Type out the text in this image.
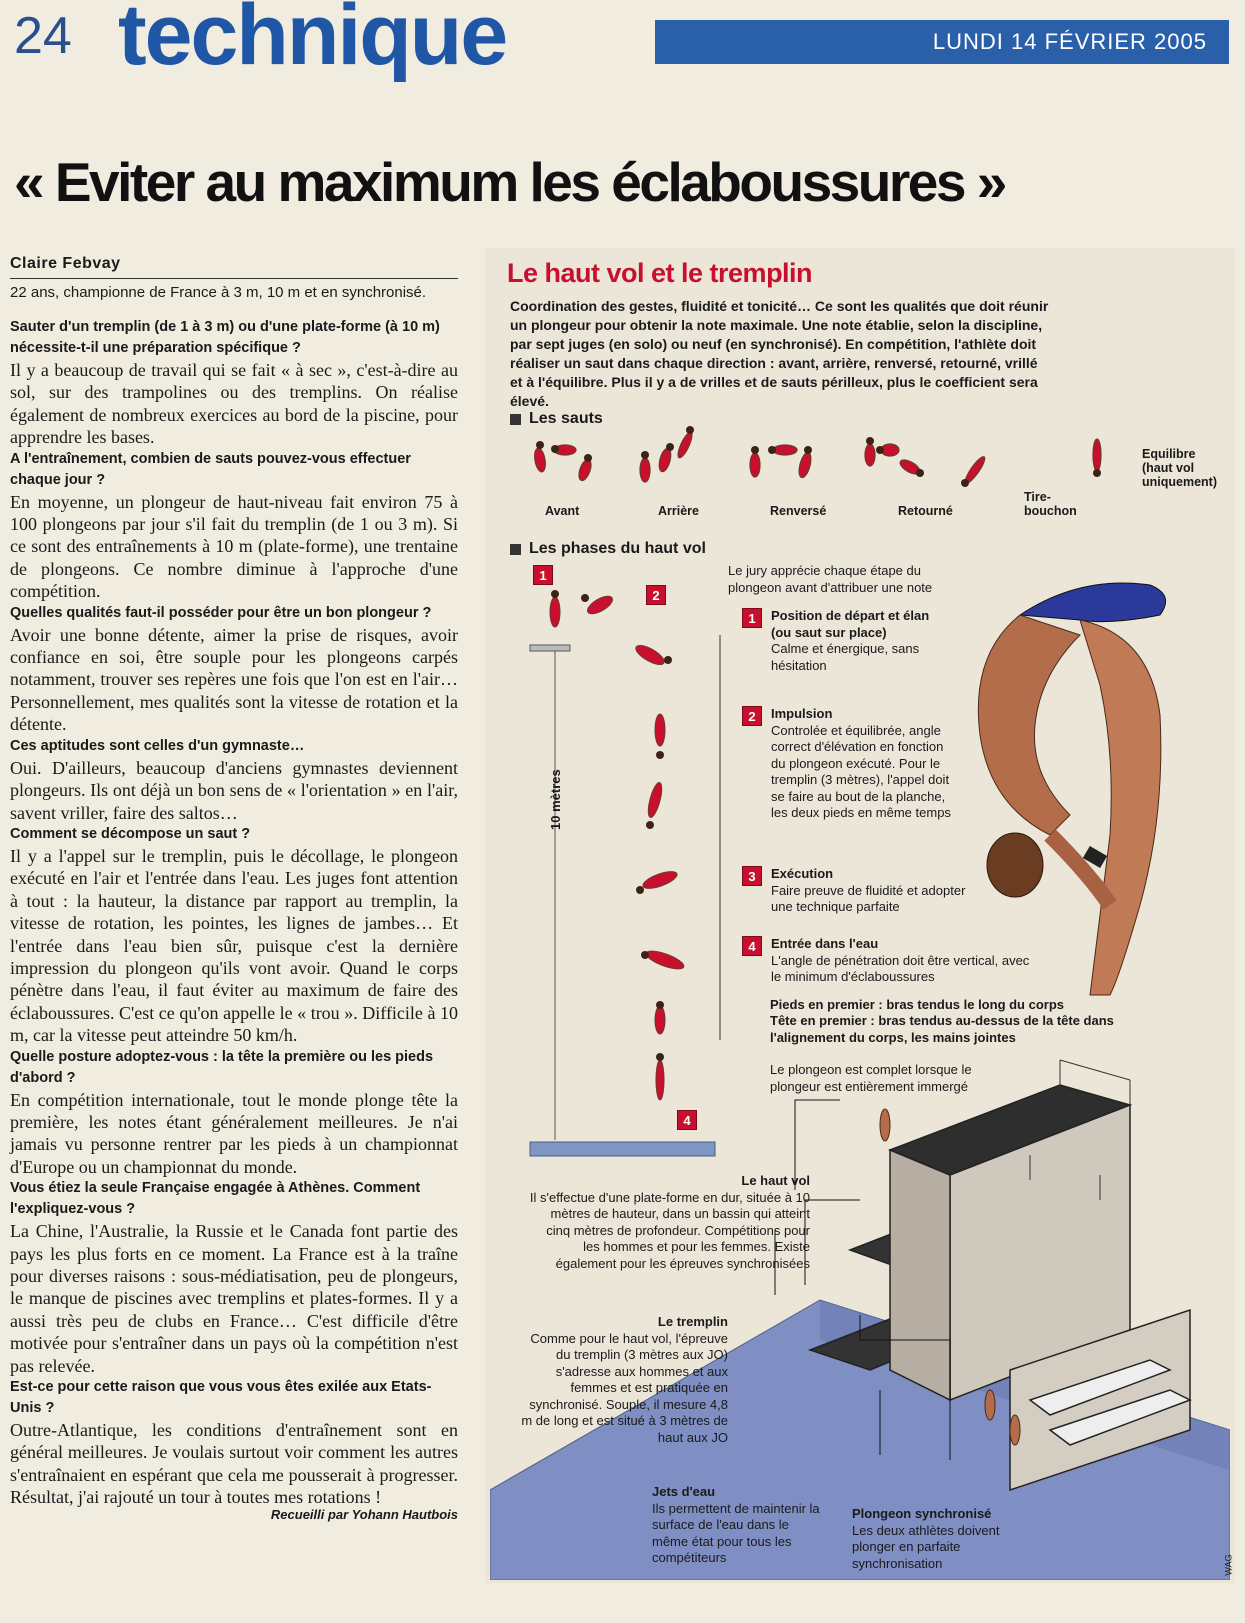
24 technique	LUNDI 14 FÉVRIER 2005
« Eviter au maximum les éclaboussures »
Claire Febvay
22 ans, championne de France à 3 m, 10 m et en synchronisé.

Sauter d'un tremplin (de 1 à 3 m) ou d'une plate-forme (à 10 m) nécessite-t-il une préparation spécifique ?

Il y a beaucoup de travail qui se fait « à sec », c'est-à-dire au sol, sur des trampolines ou des tremplins. On réalise également de nombreux exercices au bord de la piscine, pour apprendre les bases.

A l'entraînement, combien de sauts pouvez-vous effectuer chaque jour ?

En moyenne, un plongeur de haut-niveau fait environ 75 à 100 plongeons par jour s'il fait du tremplin (de 1 ou 3 m). Si ce sont des entraînements à 10 m (plate-forme), une trentaine de plongeons. Ce nombre diminue à l'approche d'une compétition.

Quelles qualités faut-il posséder pour être un bon plongeur ?

Avoir une bonne détente, aimer la prise de risques, avoir confiance en soi, être souple pour les plongeons carpés notamment, trouver ses repères une fois que l'on est en l'air… Personnellement, mes qualités sont la vitesse de rotation et la détente.

Ces aptitudes sont celles d'un gymnaste…

Oui. D'ailleurs, beaucoup d'anciens gymnastes deviennent plongeurs. Ils ont déjà un bon sens de « l'orientation » en l'air, savent vriller, faire des saltos…

Comment se décompose un saut ?

Il y a l'appel sur le tremplin, puis le décollage, le plongeon exécuté en l'air et l'entrée dans l'eau. Les juges font attention à tout : la hauteur, la distance par rapport au tremplin, la vitesse de rotation, les pointes, les lignes de jambes… Et l'entrée dans l'eau bien sûr, puisque c'est la dernière impression du plongeon qu'ils vont avoir. Quand le corps pénètre dans l'eau, il faut éviter au maximum de faire des éclaboussures. C'est ce qu'on appelle le « trou ». Difficile à 10 m, car la vitesse peut atteindre 50 km/h.

Quelle posture adoptez-vous : la tête la première ou les pieds d'abord ?

En compétition internationale, tout le monde plonge tête la première, les notes étant généralement meilleures. Je n'ai jamais vu personne rentrer par les pieds à un championnat d'Europe ou un championnat du monde.

Vous étiez la seule Française engagée à Athènes. Comment l'expliquez-vous ?

La Chine, l'Australie, la Russie et le Canada font partie des pays les plus forts en ce moment. La France est à la traîne pour diverses raisons : sous-médiatisation, peu de plongeurs, le manque de piscines avec tremplins et plates-formes. Il y a aussi très peu de clubs en France… C'est difficile d'être motivée pour s'entraîner dans un pays où la compétition n'est pas relevée.

Est-ce pour cette raison que vous vous êtes exilée aux Etats-Unis ?

Outre-Atlantique, les conditions d'entraînement sont en général meilleures. Je voulais surtout voir comment les autres s'entraînaient en espérant que cela me pousserait à progresser. Résultat, j'ai rajouté un tour à toutes mes rotations !

Recueilli par Yohann Hautbois
Le haut vol et le tremplin
Coordination des gestes, fluidité et tonicité… Ce sont les qualités que doit réunir un plongeur pour obtenir la note maximale. Une note établie, selon la discipline, par sept juges (en solo) ou neuf (en synchronisé). En compétition, l'athlète doit réaliser un saut dans chaque direction : avant, arrière, renversé, retourné, vrillé et à l'équilibre. Plus il y a de vrilles et de sauts périlleux, plus le coefficient sera élevé.
Les sauts
Avant	Arrière	Renversé	Retourné
Tire-bouchon
Equilibre (haut vol uniquement)
Les phases du haut vol
1
2
4
10 mètres
Le jury apprécie chaque étape du plongeon avant d'attribuer une note
1	Position de départ et élan (ou saut sur place)
Calme et énergique, sans hésitation
2	Impulsion
Controlée et équilibrée, angle correct d'élévation en fonction du plongeon exécuté. Pour le tremplin (3 mètres), l'appel doit se faire au bout de la planche, les deux pieds en même temps
3	Exécution
Faire preuve de fluidité et adopter une technique parfaite
4	Entrée dans l'eau
L'angle de pénétration doit être vertical, avec le minimum d'éclaboussures
Pieds en premier : bras tendus le long du corps
Tête en premier : bras tendus au-dessus de la tête dans l'alignement du corps, les mains jointes
Le plongeon est complet lorsque le plongeur est entièrement immergé
Le haut vol
Il s'effectue d'une plate-forme en dur, située à 10 mètres de hauteur, dans un bassin qui atteint cinq mètres de profondeur. Compétitions pour les hommes et pour les femmes. Existe également pour les épreuves synchronisées
Le tremplin
Comme pour le haut vol, l'épreuve du tremplin (3 mètres aux JO) s'adresse aux hommes et aux femmes et est pratiquée en synchronisé. Souple, il mesure 4,8 m de long et est situé à 3 mètres de haut aux JO
Jets d'eau
Ils permettent de maintenir la surface de l'eau dans le même état pour tous les compétiteurs
Plongeon synchronisé
Les deux athlètes doivent plonger en parfaite synchronisation	WAG
